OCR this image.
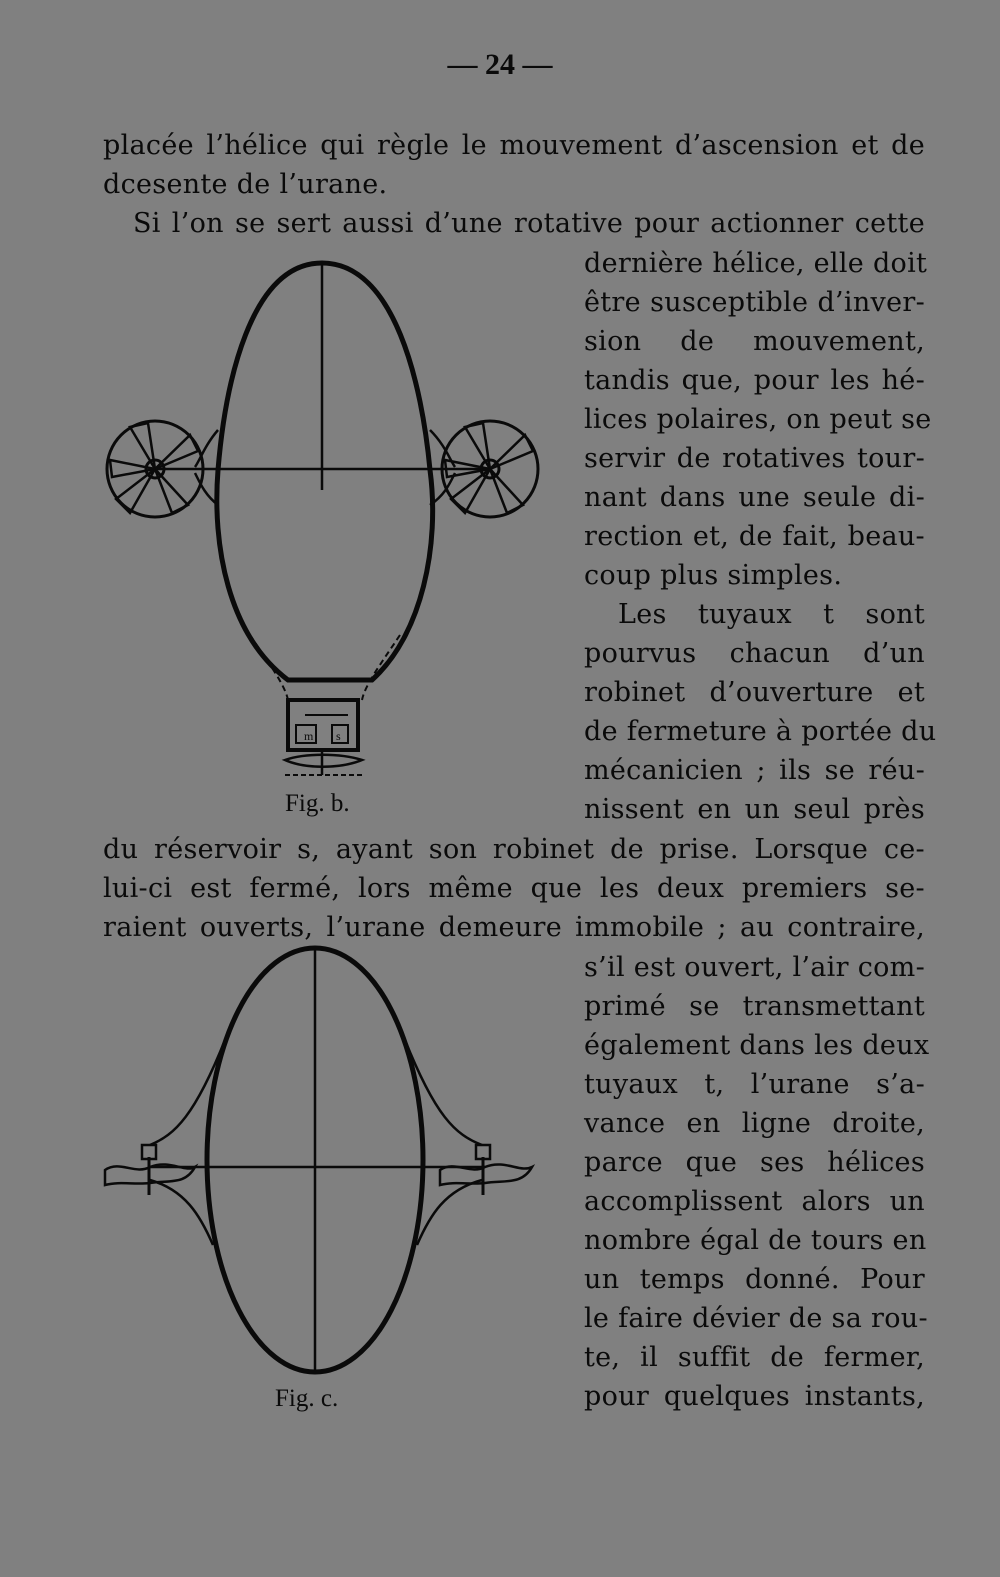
— 24 —
placée l’hélice qui règle le mouvement d’ascension et de
dcesente de l’urane.
Si l’on se sert aussi d’une rotative pour actionner cette
dernière hélice, elle doit
être susceptible d’inver-
sion de mouvement,
tandis que, pour les hé-
lices polaires, on peut se
servir de rotatives tour-
nant dans une seule di-
rection et, de fait, beau-
coup plus simples.
Les tuyaux t sont
pourvus chacun d’un
robinet d’ouverture et
de fermeture à portée du
mécanicien ; ils se réu-
nissent en un seul près
du réservoir s, ayant son robinet de prise. Lorsque ce-
lui-ci est fermé, lors même que les deux premiers se-
raient ouverts, l’urane demeure immobile ; au contraire,
s’il est ouvert, l’air com-
primé se transmettant
également dans les deux
tuyaux t, l’urane s’a-
vance en ligne droite,
parce que ses hélices
accomplissent alors un
nombre égal de tours en
un temps donné. Pour
le faire dévier de sa rou-
te, il suffit de fermer,
pour quelques instants,
m s
Fig. b.
Fig. c.
